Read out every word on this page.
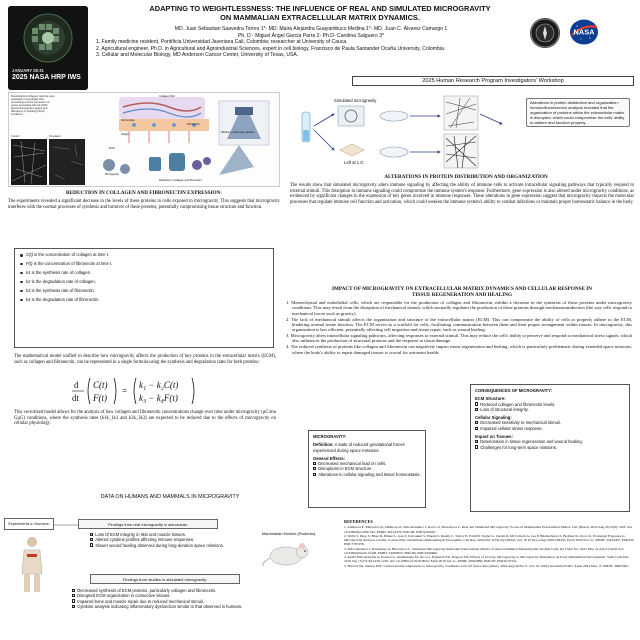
ADAPTING TO WEIGHTLESSNESS: THE INFLUENCE OF REAL AND SIMULATED MICROGRAVITY
ON MAMMALIAN EXTRACELLULAR MATRIX DYNAMICS.
MD. Juan Sebastian Saavedra Torres 1*- MD. Maira Alejandra Guayambuco Medina 1*- MD. Juan C. Álvarez Camargo 1
Ph. D - Miguel Ángel García Parra 2- Ph.D- Carolina Salguero 3*
1. Family medicine resident, Pontificia Universidad Javeriana Cali, Colombia; researcher at University of Cauca.
2. Agricultural engineer, Ph.D. in Agricultural and Agroindustrial Sciences, expert in cell biology, Francisco de Paula Santander Ocaña University, Colombia.
3. Cellular and Molecular Biology, MD Anderson Cancer Center, University of Texas, USA.
JANUARY 28-31
2025 NASA HRP IWS
NASA
2025 Human Research Program Investigators' Workshop
Decellularized collagen matrices were evaluated to investigate their remodeling and the expression of genes associated with the ECM, glycosaminoglycans (gags) and alterations in signaling (GAG) conditions.
Control	Simulated
Cell surface
Collagen fibril
Fibronectin
Integrin
ECM
Random positioning machine
Microgravity
Reduction in collagen and fibronectin
Simulated microgravity
Left at 1 G
Alterations in protein distribution and organization: Immunofluorescence analysis revealed that the organization of proteins within the extracellular matrix is disrupted, which could compromise the cells' ability to adhere and function properly.
ALTERATIONS IN PROTEIN DISTRIBUTION AND ORGANIZATION
The results show that simulated microgravity alters immune signaling by affecting the ability of immune cells to activate intracellular signaling pathways that typically respond to external stimuli. This disruption in immune signaling could compromise the immune system's response. Furthermore, gene expression is also altered under microgravity conditions, as evidenced by significant changes in the expression of key genes involved in immune responses. These alterations in gene expression suggest that microgravity impacts the molecular processes that regulate immune cell function and activation, which could weaken the immune system's ability to combat infections or maintain proper homeostatic balance in the body.
REDUCTION IN COLLAGEN AND FIBRONECTIN EXPRESSION:
The experiments revealed a significant decrease in the levels of these proteins in cells exposed to microgravity. This suggests that microgravity interferes with the normal processes of synthesis and turnover of these proteins, potentially compromising tissue structure and function.
C(t) is the concentration of collagen at time t.
F(t) is the concentration of fibronectin at time t.
k1 is the synthesis rate of collagen.
k2 is the degradation rate of collagen.
k3 is the synthesis rate of fibronectin.
k4 is the degradation rate of fibronectin.
The mathematical model unified to describe how microgravity affects the production of key proteins in the extracellular matrix (ECM), such as collagen and fibronectin, can be represented in a single formula using the synthesis and degradation rates for both proteins:
d
dt
C(t)
F(t)
=
k₁ − k₂C(t)
k₃ − k₄F(t)
This vectorized model allows for the analysis of how collagen and fibronectin concentrations change over time under microgravity (µG\mu GµG) conditions, where the synthesis rates (k1k_1k1 and k3k_3k3) are expected to be reduced due to the effects of microgravity on cellular physiology.
IMPACT OF MICROGRAVITY ON EXTRACELLULAR MATRIX DYNAMICS AND CELLULAR RESPONSE IN
TISSUE REGENERATION AND HEALING
1. Mesenchymal and endothelial cells, which are responsible for the production of collagen and fibronectin, exhibit a decrease in the synthesis of these proteins under microgravity conditions. This may result from the disruption of mechanical stimuli, which normally regulates the production of these proteins through mechanotransduction (the way cells respond to mechanical forces such as gravity).
2. The lack of mechanical stimuli affects the organization and structure of the extracellular matrix (ECM). This can compromise the ability of cells to properly adhere to the ECM, hindering normal tissue function. The ECM serves as a scaffold for cells, facilitating communication between them and their proper arrangement within tissues. In microgravity, this organization is less efficient, potentially affecting cell migration and tissue repair, such as wound healing.
3. Microgravity alters intracellular signaling pathways, affecting responses to external stimuli. This may reduce the cells' ability to perceive and respond to mechanical stress signals, which also influences the production of structural proteins and the response to tissue damage.
4. The reduced synthesis of proteins like collagen and fibronectin can negatively impact tissue regeneration and healing, which is particularly problematic during extended space missions, where the body's ability to repair damaged tissues is crucial for astronaut health.
MICROGRAVITY:
Definition: A state of reduced gravitational forces experienced during space missions.
General Effects:
Decreased mechanical load on cells.
Disruptions in ECM structure.
Alterations in cellular signaling and tissue homeostasis.
CONSEQUENCES OF MICROGRAVITY:
ECM Structure:
Reduced collagen and fibronectin levels.
Loss of structural integrity.
Cellular Signaling:
Decreased sensitivity to mechanical stimuli.
Impaired cellular stress response.
Impact on Tissues:
Deterioration in tissue regeneration and wound healing.
Challenges for long-term space missions.
DATA ON HUMANS AND MAMMALS IN MICROGRAVITY
Experiments in Humans:	Findings from real microgravity in astronauts:
Loss of ECM integrity in skin and muscle tissues.
Altered cytokine profiles affecting immune responses.
Slower wound healing observed during long-duration space missions.
Mammalian Models (Rodents):
Findings from studies in simulated microgravity:
Decreased synthesis of ECM proteins, particularly collagen and fibronectin.
Disrupted ECM organization in connective tissues.
Impaired bone and muscle repair due to reduced mechanical stimuli.
Cytokine analysis indicating inflammatory dysfunction similar to that observed in humans.
REFERENCES
1. Andreeva E, Matveeva D, Zhidkova O, Zhivodernikov I, Kotov O, Buravkova L. Real and Simulated Microgravity: Focus on Mammalian Extracellular Matrix. Life (Basel). 2022 Aug 29;12(9):1343. doi: 10.3390/life12091343. PMID: 36143379; PMCID: PMC9501067.
2. Walls S, Diop S, Birse R, Elmen L, Gan Z, Kalvakuri S, Pineda S, Reddy C, Taylor E, Trinh B, Vogler G, Zarndt R, McCulloch A, Lee P, Bhattacharya S, Bodmer R, Ocorr K. Prolonged Exposure to Microgravity Reduces Cardiac Contractility and Initiates Remodeling in Drosophila. Cell Rep. 2020 Dec 8;33(10):108445. doi: 10.1016/j.celrep.2020.108445. Epub 2020 Nov 21. PMID: 33242407; PMCID: PMC7787258.
3. Zhivodernikov I, Ratushnyy A, Buravkova L. Simulated Microgravity Remodels Extracellular Matrix of Osteocommitted Mesenchymal Stromal Cells. Int J Mol Sci. 2021 May 21;22(11):5428. doi: 10.3390/ijms22115428. PMID: 34063955; PMCID: PMC8196606.
4. Rudra DM, Robnick A, Pouzou G, Abdelmoula M, Pecq G, Fagnelon EU. Rapport Dir. Effects of Gravity, Microgravity or Microgravity Simulation on Early Mammalian Development. Stem Cells Dev. 2018 Sep 15;27(18):1230-1236. doi: 10.1089/scd.2018.0024. Epub 2018 Jun 11. PMID: 29562866; PMCID: PMC6157341.
5. Harvati SK, Nelson EJR. Cardiovascular adaptations to microgravity conditions. Life Sci Space Res (Amst). 2024 Aug;42:64-71. doi: 10.1016/j.lssr.2024.05.001. Epub 2024 May 15. PMID: 39067992.
